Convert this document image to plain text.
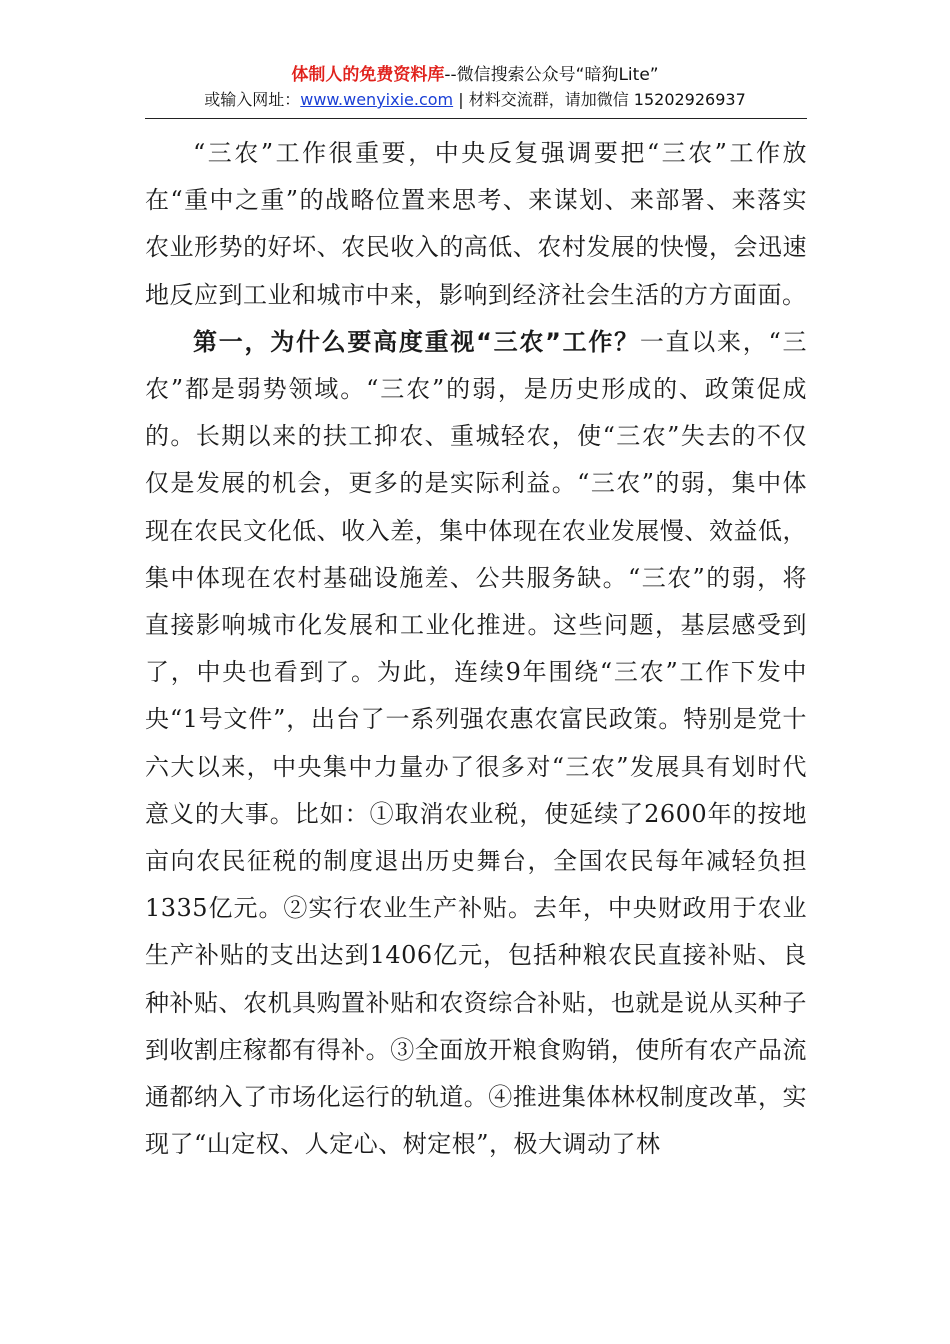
体制人的免费资料库--微信搜索公众号“暗狗Lite”
或输入网址：www.wenyixie.com | 材料交流群，请加微信 15202926937

“三农”工作很重要，中央反复强调要把“三农”工作放在“重中之重”的战略位置来思考、来谋划、来部署、来落实农业形势的好坏、农民收入的高低、农村发展的快慢，会迅速地反应到工业和城市中来，影响到经济社会生活的方方面面。

第一，为什么要高度重视“三农”工作？一直以来，“三农”都是弱势领域。“三农”的弱，是历史形成的、政策促成的。长期以来的扶工抑农、重城轻农，使“三农”失去的不仅仅是发展的机会，更多的是实际利益。“三农”的弱，集中体现在农民文化低、收入差，集中体现在农业发展慢、效益低，集中体现在农村基础设施差、公共服务缺。“三农”的弱，将直接影响城市化发展和工业化推进。这些问题，基层感受到了，中央也看到了。为此，连续9年围绕“三农”工作下发中央“1号文件”，出台了一系列强农惠农富民政策。特别是党十六大以来，中央集中力量办了很多对“三农”发展具有划时代意义的大事。比如：①取消农业税，使延续了2600年的按地亩向农民征税的制度退出历史舞台，全国农民每年减轻负担1335亿元。②实行农业生产补贴。去年，中央财政用于农业生产补贴的支出达到1406亿元，包括种粮农民直接补贴、良种补贴、农机具购置补贴和农资综合补贴，也就是说从买种子到收割庄稼都有得补。③全面放开粮食购销，使所有农产品流通都纳入了市场化运行的轨道。④推进集体林权制度改革，实现了“山定权、人定心、树定根”，极大调动了林
